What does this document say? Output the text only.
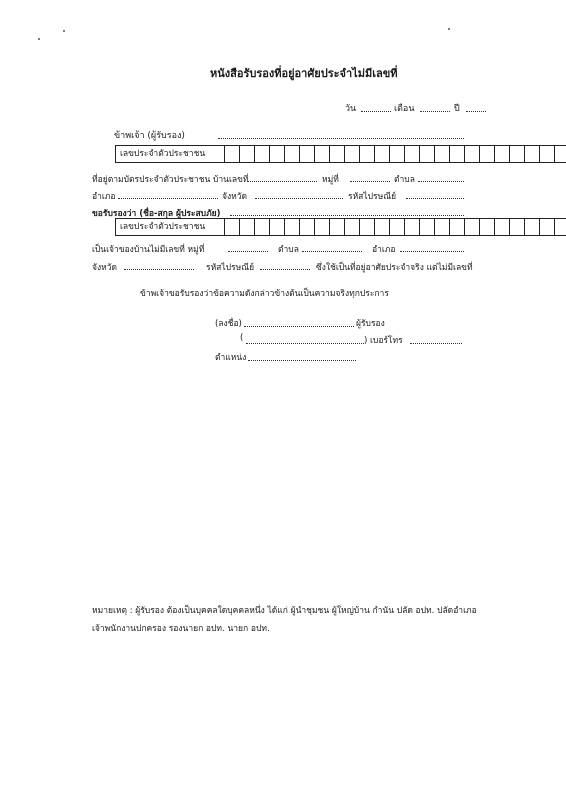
หนังสือรับรองที่อยู่อาศัยประจำไม่มีเลขที่
วัน	เดือน	ปี
ข้าพเจ้า (ผู้รับรอง)
เลขประจำตัวประชาชน
ที่อยู่ตามบัตรประจำตัวประชาชน บ้านเลขที่	หมู่ที่	ตำบล
อำเภอ	จังหวัด	รหัสไปรษณีย์
ขอรับรองว่า (ชื่อ-สกุล ผู้ประสบภัย)
เลขประจำตัวประชาชน
เป็นเจ้าของบ้านไม่มีเลขที่ หมู่ที่	ตำบล	อำเภอ
จังหวัด	รหัสไปรษณีย์	ซึ่งใช้เป็นที่อยู่อาศัยประจำจริง แต่ไม่มีเลขที่
ข้าพเจ้าขอรับรองว่าข้อความดังกล่าวข้างต้นเป็นความจริงทุกประการ
(ลงชื่อ)	ผู้รับรอง
(	) เบอร์โทร
ตำแหน่ง
หมายเหตุ : ผู้รับรอง ต้องเป็นบุคคลใดบุคคลหนึ่ง ได้แก่ ผู้นำชุมชน ผู้ใหญ่บ้าน กำนัน ปลัด อปท. ปลัดอำเภอ
เจ้าพนักงานปกครอง รองนายก อปท. นายก อปท.
